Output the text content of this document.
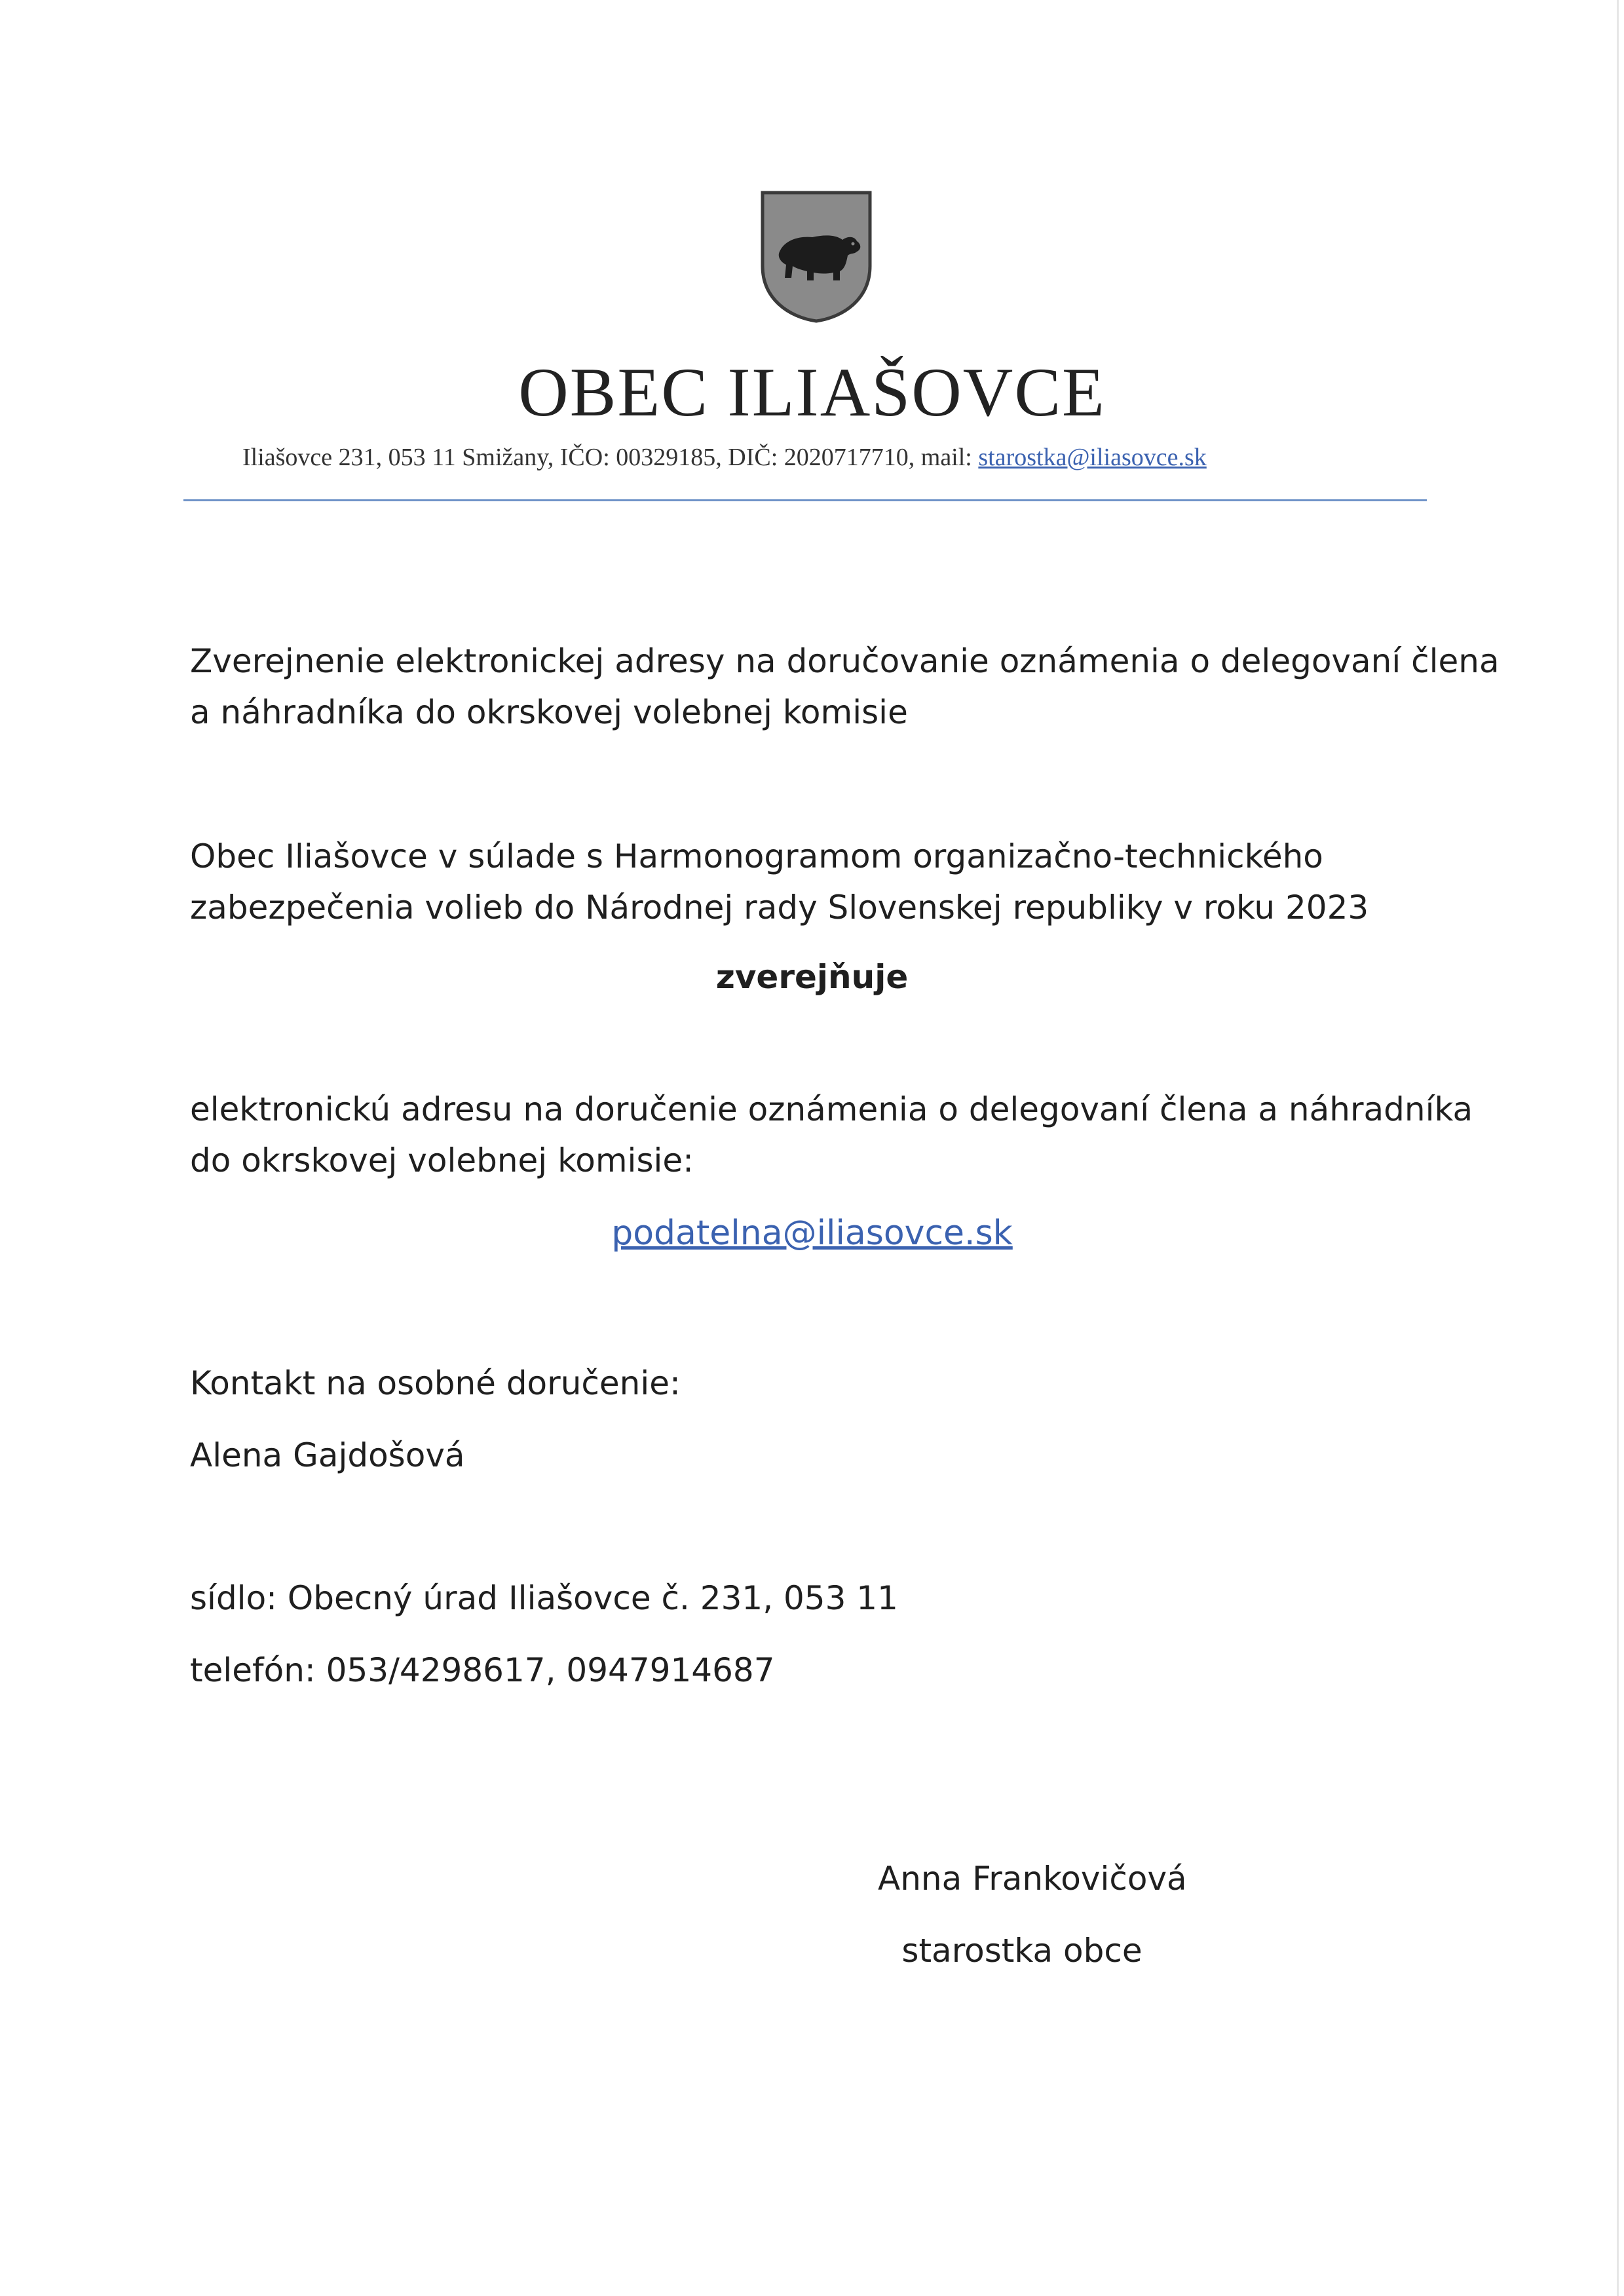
OBEC ILIAŠOVCE
Iliašovce 231, 053 11 Smižany, IČO: 00329185, DIČ: 2020717710, mail: starostka@iliasovce.sk
Zverejnenie elektronickej adresy na doručovanie oznámenia o delegovaní člena
a náhradníka do okrskovej volebnej komisie
Obec Iliašovce v súlade s Harmonogramom organizačno-technického
zabezpečenia volieb do Národnej rady Slovenskej republiky v roku 2023
zverejňuje
elektronickú adresu na doručenie oznámenia o delegovaní člena a náhradníka
do okrskovej volebnej komisie:
podatelna@iliasovce.sk
Kontakt na osobné doručenie:
Alena Gajdošová
sídlo: Obecný úrad Iliašovce č. 231, 053 11
telefón: 053/4298617, 0947914687
Anna Frankovičová
starostka obce
